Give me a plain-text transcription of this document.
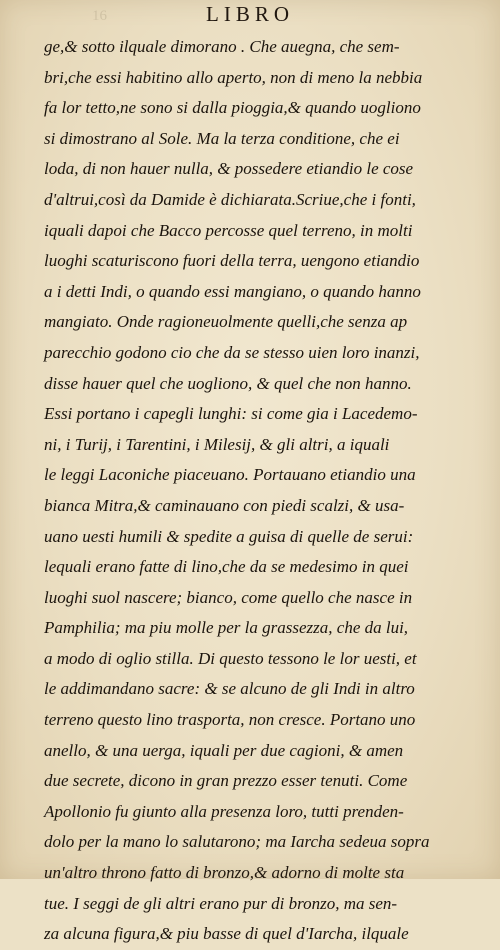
16	LIBRO
ge,& sotto ilquale dimorano . Che auegna, che sem-
bri,che essi habitino allo aperto, non di meno la nebbia
fa lor tetto,ne sono si dalla pioggia,& quando uogliono
si dimostrano al Sole. Ma la terza conditione, che ei
loda, di non hauer nulla, & possedere etiandio le cose
d'altrui,così da Damide è dichiarata.Scriue,che i fonti,
iquali dapoi che Bacco percosse quel terreno, in molti
luoghi scaturiscono fuori della terra, uengono etiandio
a i detti Indi, o quando essi mangiano, o quando hanno
mangiato. Onde ragioneuolmente quelli,che senza ap
parecchio godono cio che da se stesso uien loro inanzi,
disse hauer quel che uogliono, & quel che non hanno.
Essi portano i capegli lunghi: si come gia i Lacedemo-
ni, i Turij, i Tarentini, i Milesij, & gli altri, a iquali
le leggi Laconiche piaceuano. Portauano etiandio una
bianca Mitra,& caminauano con piedi scalzi, & usa-
uano uesti humili & spedite a guisa di quelle de serui:
lequali erano fatte di lino,che da se medesimo in quei
luoghi suol nascere; bianco, come quello che nasce in
Pamphilia; ma piu molle per la grassezza, che da lui,
a modo di oglio stilla. Di questo tessono le lor uesti, et
le addimandano sacre: & se alcuno de gli Indi in altro
terreno questo lino trasporta, non cresce. Portano uno
anello, & una uerga, iquali per due cagioni, & amen
due secrete, dicono in gran prezzo esser tenuti. Come
Apollonio fu giunto alla presenza loro, tutti prenden-
dolo per la mano lo salutarono; ma Iarcha sedeua sopra
un'altro throno fatto di bronzo,& adorno di molte sta
tue. I seggi de gli altri erano pur di bronzo, ma sen-
za alcuna figura,& piu basse di quel d'Iarcha, ilquale
